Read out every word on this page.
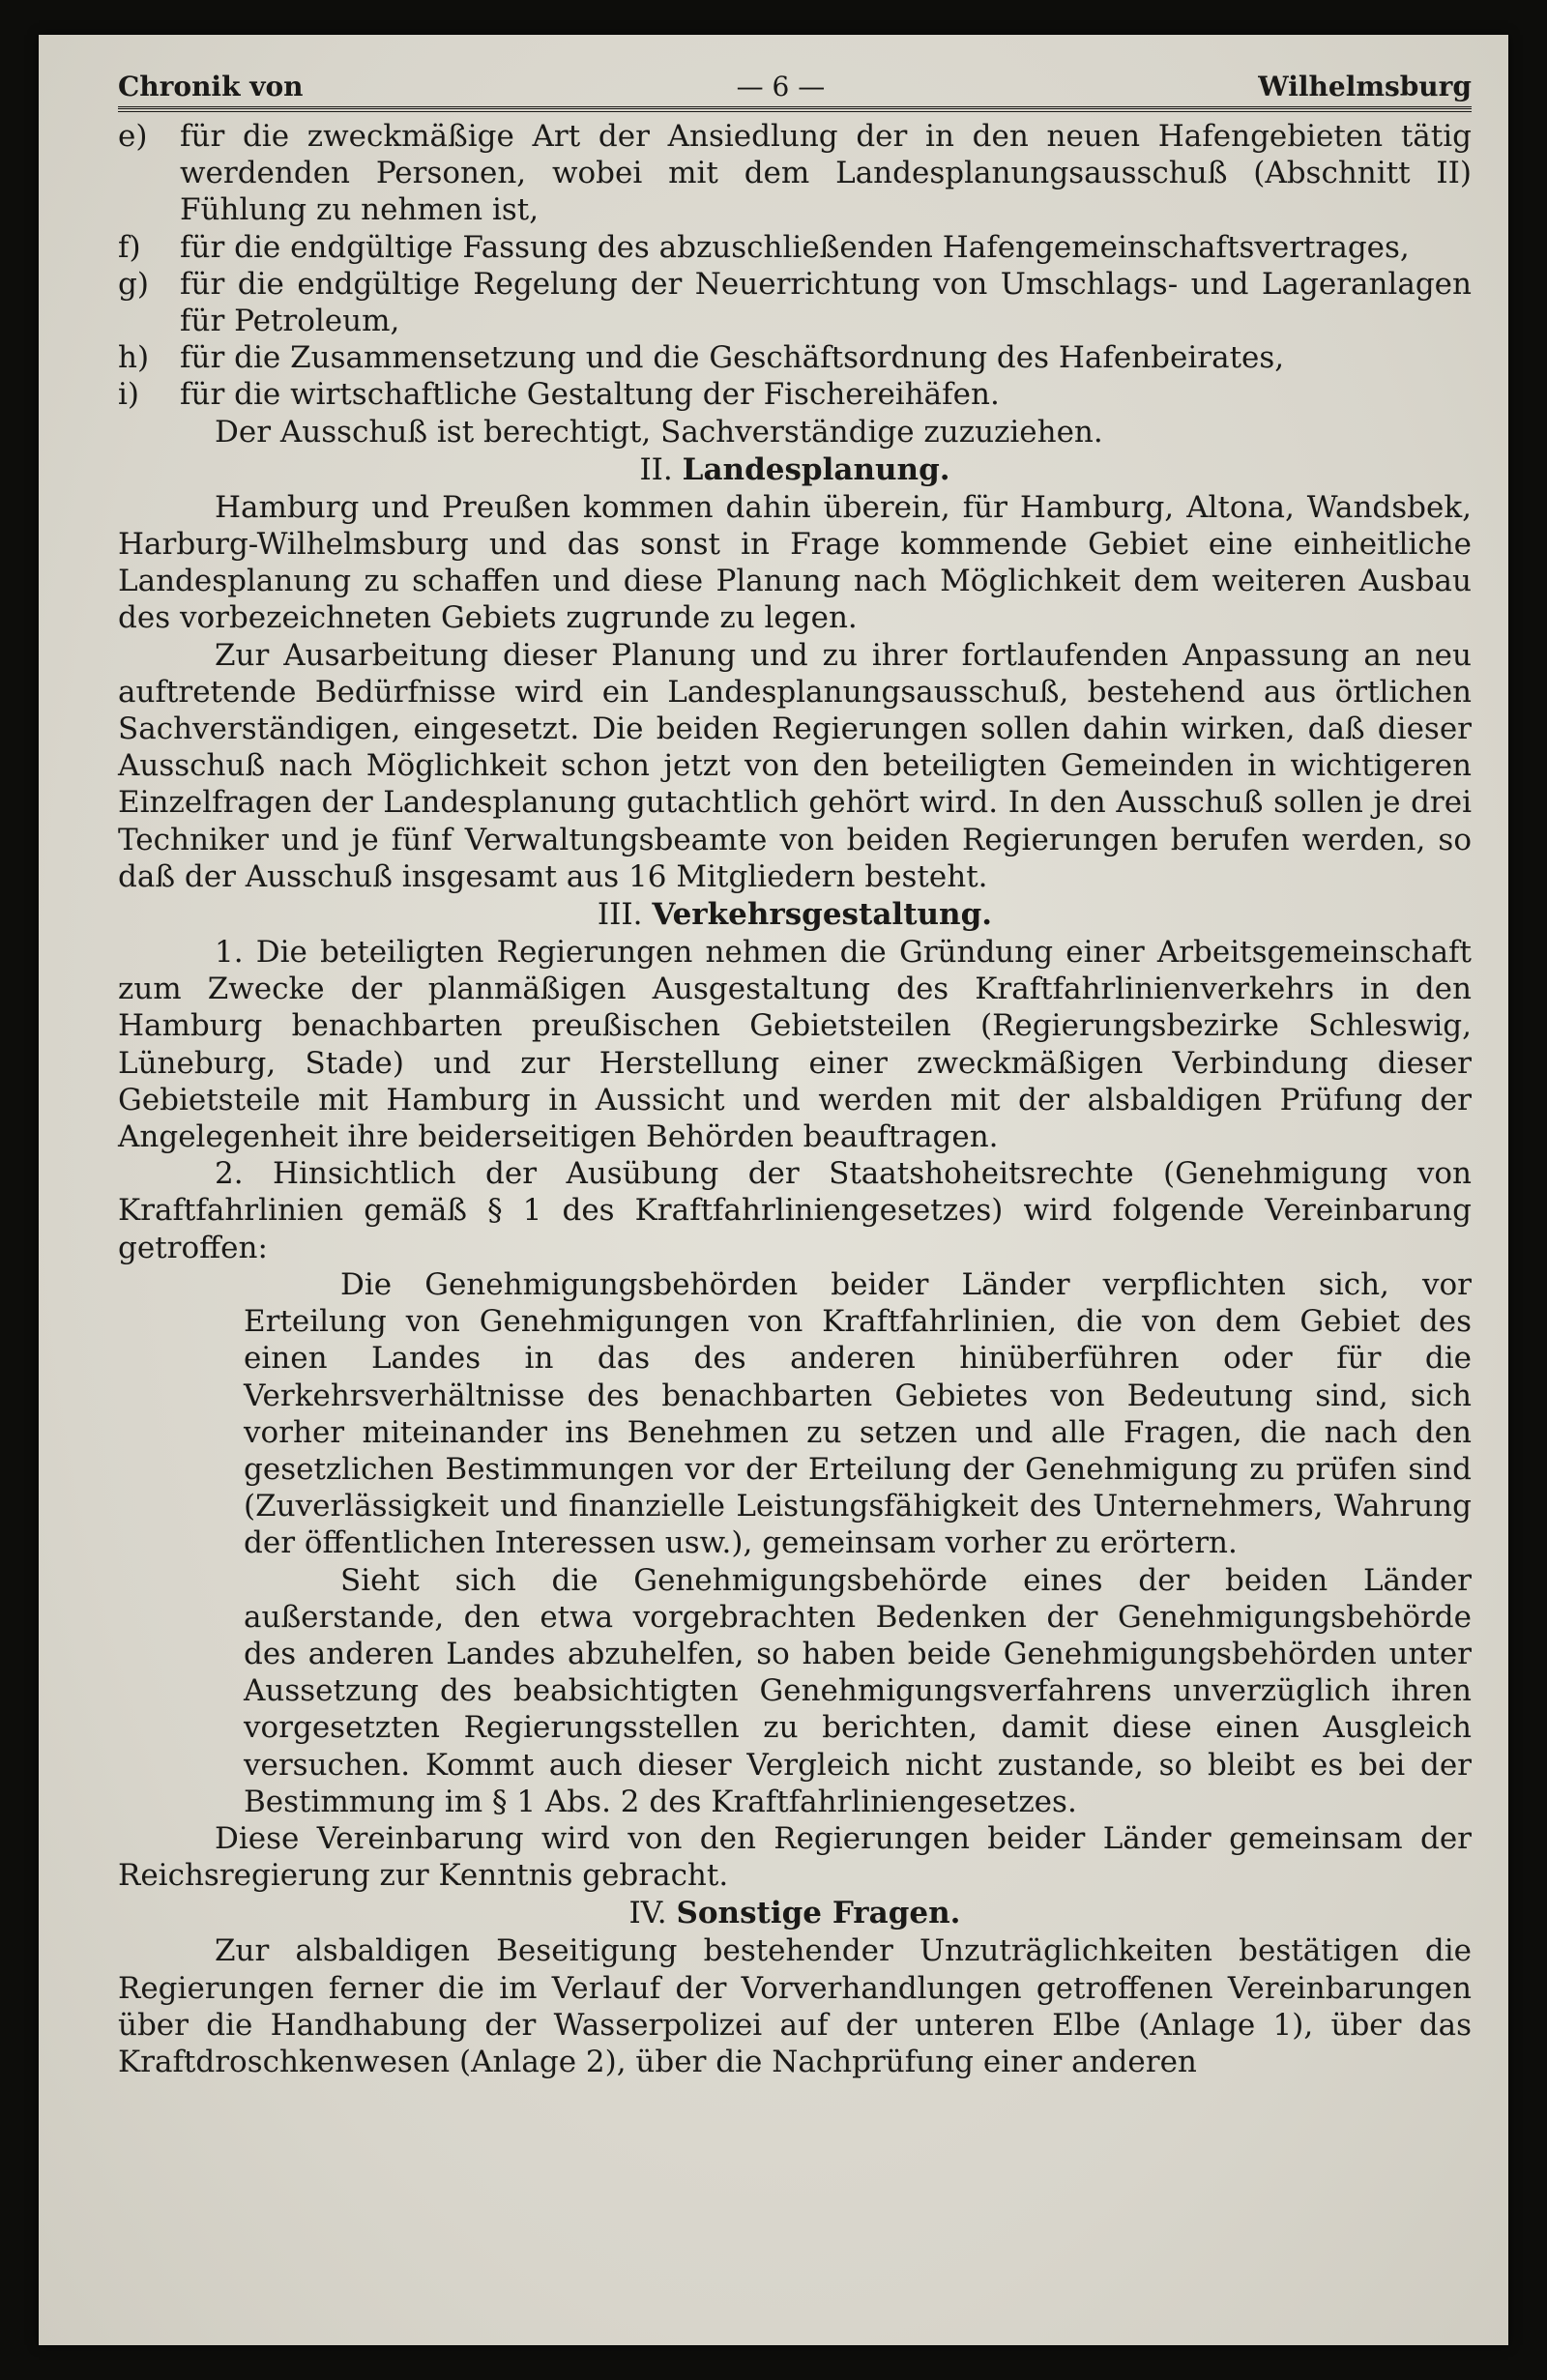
Chronik von	— 6 —	Wilhelmsburg
e)	für die zweckmäßige Art der Ansiedlung der in den neuen Hafengebieten tätig werdenden Personen, wobei mit dem Landesplanungsausschuß (Abschnitt II) Fühlung zu nehmen ist,
f)	für die endgültige Fassung des abzuschließenden Hafengemeinschaftsvertrages,
g)	für die endgültige Regelung der Neuerrichtung von Umschlags- und Lageranlagen für Petroleum,
h)	für die Zusammensetzung und die Geschäftsordnung des Hafenbeirates,
i)	für die wirtschaftliche Gestaltung der Fischereihäfen.

Der Ausschuß ist berechtigt, Sachverständige zuzuziehen.

II. Landesplanung.

Hamburg und Preußen kommen dahin überein, für Hamburg, Altona, Wandsbek, Harburg-Wilhelmsburg und das sonst in Frage kommende Gebiet eine einheitliche Landesplanung zu schaffen und diese Planung nach Möglichkeit dem weiteren Ausbau des vorbezeichneten Gebiets zugrunde zu legen.

Zur Ausarbeitung dieser Planung und zu ihrer fortlaufenden Anpassung an neu auftretende Bedürfnisse wird ein Landesplanungsausschuß, bestehend aus örtlichen Sachverständigen, eingesetzt. Die beiden Regierungen sollen dahin wirken, daß dieser Ausschuß nach Möglichkeit schon jetzt von den beteiligten Gemeinden in wichtigeren Einzelfragen der Landesplanung gutachtlich gehört wird. In den Ausschuß sollen je drei Techniker und je fünf Verwaltungsbeamte von beiden Regierungen berufen werden, so daß der Ausschuß insgesamt aus 16 Mitgliedern besteht.

III. Verkehrsgestaltung.

1. Die beteiligten Regierungen nehmen die Gründung einer Arbeitsgemeinschaft zum Zwecke der planmäßigen Ausgestaltung des Kraftfahrlinienverkehrs in den Hamburg benachbarten preußischen Gebietsteilen (Regierungsbezirke Schleswig, Lüneburg, Stade) und zur Herstellung einer zweckmäßigen Verbindung dieser Gebietsteile mit Hamburg in Aussicht und werden mit der alsbaldigen Prüfung der Angelegenheit ihre beiderseitigen Behörden beauftragen.

2. Hinsichtlich der Ausübung der Staatshoheitsrechte (Genehmigung von Kraftfahrlinien gemäß § 1 des Kraftfahrliniengesetzes) wird folgende Vereinbarung getroffen:

Die Genehmigungsbehörden beider Länder verpflichten sich, vor Erteilung von Genehmigungen von Kraftfahrlinien, die von dem Gebiet des einen Landes in das des anderen hinüberführen oder für die Verkehrsverhältnisse des benachbarten Gebietes von Bedeutung sind, sich vorher miteinander ins Benehmen zu setzen und alle Fragen, die nach den gesetzlichen Bestimmungen vor der Erteilung der Genehmigung zu prüfen sind (Zuverlässigkeit und finanzielle Leistungsfähigkeit des Unternehmers, Wahrung der öffentlichen Interessen usw.), gemeinsam vorher zu erörtern.

Sieht sich die Genehmigungsbehörde eines der beiden Länder außerstande, den etwa vorgebrachten Bedenken der Genehmigungsbehörde des anderen Landes abzuhelfen, so haben beide Genehmigungsbehörden unter Aussetzung des beabsichtigten Genehmigungsverfahrens unverzüglich ihren vorgesetzten Regierungsstellen zu berichten, damit diese einen Ausgleich versuchen. Kommt auch dieser Vergleich nicht zustande, so bleibt es bei der Bestimmung im § 1 Abs. 2 des Kraftfahrliniengesetzes.

Diese Vereinbarung wird von den Regierungen beider Länder gemeinsam der Reichsregierung zur Kenntnis gebracht.

IV. Sonstige Fragen.

Zur alsbaldigen Beseitigung bestehender Unzuträglichkeiten bestätigen die Regierungen ferner die im Verlauf der Vorverhandlungen getroffenen Vereinbarungen über die Handhabung der Wasserpolizei auf der unteren Elbe (Anlage 1), über das Kraftdroschkenwesen (Anlage 2), über die Nachprüfung einer anderen
